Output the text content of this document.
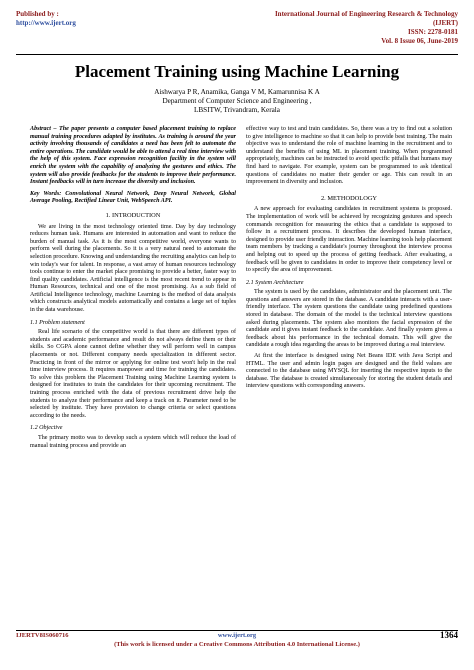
Published by :
http://www.ijert.org
International Journal of Engineering Research & Technology (IJERT)
ISSN: 2278-0181
Vol. 8 Issue 06, June-2019
Placement Training using Machine Learning
Aishwarya P R, Anamika, Ganga V M, Kamarunnisa K A
Department of Computer Science and Engineering ,
LBSITW, Trivandram, Kerala

Abstract – The paper presents a computer based placement training to replace manual training procedures adapted by institutes. As training is around the year activity involving thousands of candidates a need has been felt to automate the entire operations. The candidate would be able to attend a real time interview with the help of this system. Face expression recognition facility in the system will enrich the system with the capability of analyzing the gestures and ethics. The system will also provide feedbacks for the students to improve their performance. Instant feedbacks will in turn increase the diversity and inclusion.

Key Words: Convolutional Neural Network, Deep Neural Network, Global Average Pooling, Rectified Linear Unit, WebSpeech API.

1. INTRODUCTION

We are living in the most technology oriented time. Day by day technology reduces human task. Humans are interested in automation and want to reduce the burden of manual task. As it is the most competitive world, everyone wants to perform well during the placements. So it is a very natural need to automate the selection procedure. Knowing and understanding the recruiting analytics can help to win today's war for talent. In response, a vast array of human resources technology tools continue to enter the market place promising to provide a better, faster way to find quality candidates. Artificial intelligence is the most recent trend to appear in Human Resources, technical and one of the most promising. As a sub field of Artificial Intelligence technology, machine Learning is the method of data analysis which constructs analytical models automatically and contains a large set of tuples in the data warehouse.

1.1 Problem statement

Real life scenario of the competitive world is that there are different types of students and academic performance and result do not always define them or their skills. So CGPA alone cannot define whether they will perform well in campus placements or not. Different company needs specialization in different sector. Practicing in front of the mirror or applying for online test won't help in the real time interview process. It requires manpower and time for training the candidates. To solve this problem the Placement Training using Machine Learning system is designed for institutes to train the candidates for their upcoming recruitment. The training process enriched with the data of previous recruitment drive help the students to analyze their performance and keep a track on it. Parameter need to be selected by institute. They have provision to change criteria or select questions according to the needs.

1.2 Objective

The primary motto was to develop such a system which will reduce the load of manual training process and provide an

effective way to test and train candidates. So, there was a try to find out a solution to give intelligence to machine so that it can help to provide best training. The main objective was to understand the role of machine learning in the recruitment and to understand the benefits of using ML in placement training. When programmed appropriately, machines can be instructed to avoid specific pitfalls that humans may find hard to navigate. For example, system can be programmed to ask identical questions of candidates no matter their gender or age. This can result in an improvement in diversity and inclusion.

2. METHODOLOGY

A new approach for evaluating candidates in recruitment systems is proposed. The implementation of work will be achieved by recognizing gestures and speech commands recognition for measuring the ethics that a candidate is supposed to follow in a recruitment process. It describes the developed human interface, designed to provide user friendly interaction. Machine learning tools help placement team members by tracking a candidate's journey throughout the interview process and helping out to speed up the process of getting feedback. After evaluating, a feedback will be given to candidates in order to improve their competency level or to specify the area of improvement.

2.1 System Architecture

The system is used by the candidates, administrator and the placement unit. The questions and answers are stored in the database. A candidate interacts with a user-friendly interface. The system questions the candidate using predefined questions stored in database. The domain of the model is the technical interview questions asked during placements. The system also monitors the facial expression of the candidate and it gives instant feedback to the candidate. And finally system gives a feedback about his performance in the technical domain. This will give the candidate a rough idea regarding the areas to be improved during a real interview.

At first the interface is designed using Net Beans IDE with Java Script and HTML. The user and admin login pages are designed and the field values are connected to the database using MYSQL for inserting the respective inputs to the database. The database is created simultaneously for storing the student details and interview questions with corresponding answers.

IJERTV8IS060716	www.ijert.org
(This work is licensed under a Creative Commons Attribution 4.0 International License.)
1364
